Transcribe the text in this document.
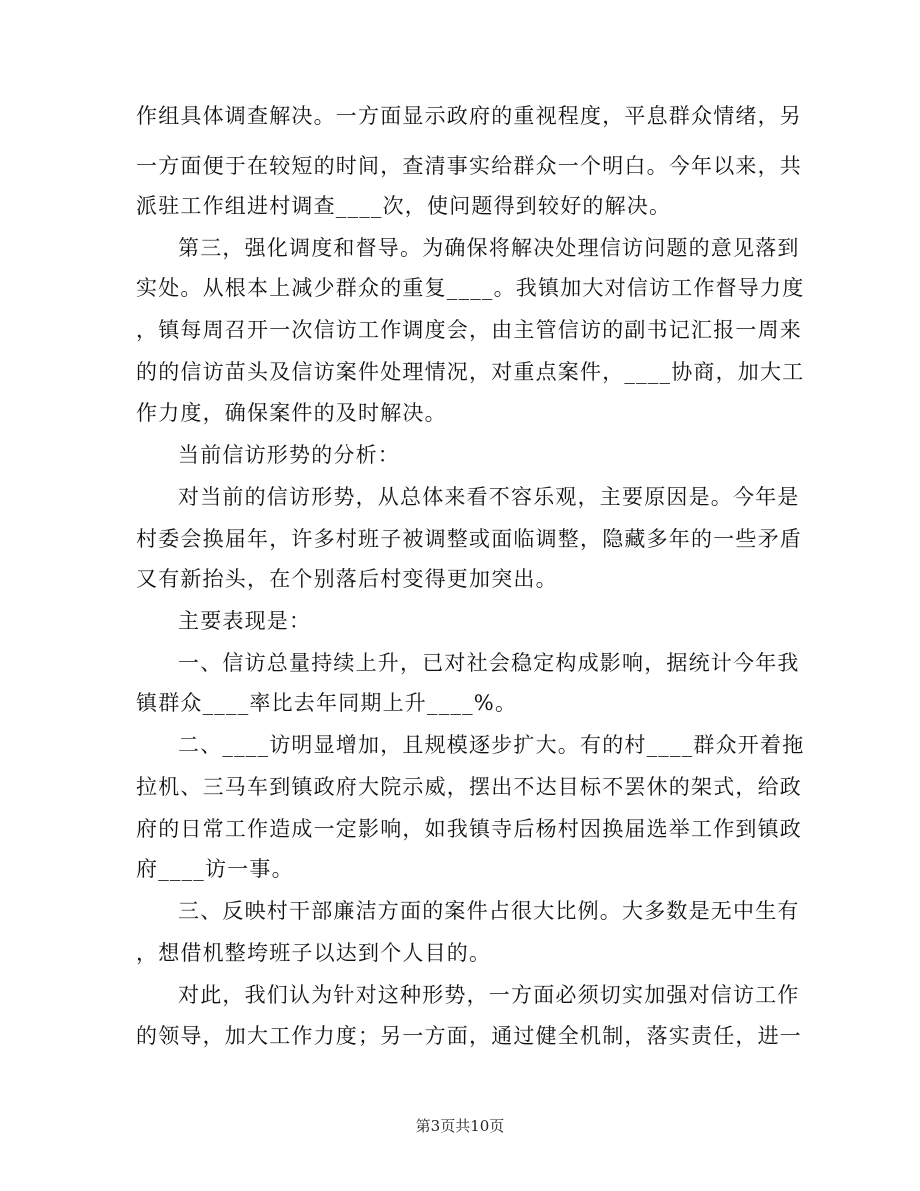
作组具体调查解决。一方面显示政府的重视程度，平息群众情绪，另
一方面便于在较短的时间，查清事实给群众一个明白。今年以来，共
派驻工作组进村调查____次，使问题得到较好的解决。
第三，强化调度和督导。为确保将解决处理信访问题的意见落到
实处。从根本上减少群众的重复____。我镇加大对信访工作督导力度
，镇每周召开一次信访工作调度会，由主管信访的副书记汇报一周来
的的信访苗头及信访案件处理情况，对重点案件，____协商，加大工
作力度，确保案件的及时解决。
当前信访形势的分析：
对当前的信访形势，从总体来看不容乐观，主要原因是。今年是
村委会换届年，许多村班子被调整或面临调整，隐藏多年的一些矛盾
又有新抬头，在个别落后村变得更加突出。
主要表现是：
一、信访总量持续上升，已对社会稳定构成影响，据统计今年我
镇群众____率比去年同期上升____%。
二、____访明显增加，且规模逐步扩大。有的村____群众开着拖
拉机、三马车到镇政府大院示威，摆出不达目标不罢休的架式，给政
府的日常工作造成一定影响，如我镇寺后杨村因换届选举工作到镇政
府____访一事。
三、反映村干部廉洁方面的案件占很大比例。大多数是无中生有
，想借机整垮班子以达到个人目的。
对此，我们认为针对这种形势，一方面必须切实加强对信访工作
的领导，加大工作力度；另一方面，通过健全机制，落实责任，进一
第3页共10页
